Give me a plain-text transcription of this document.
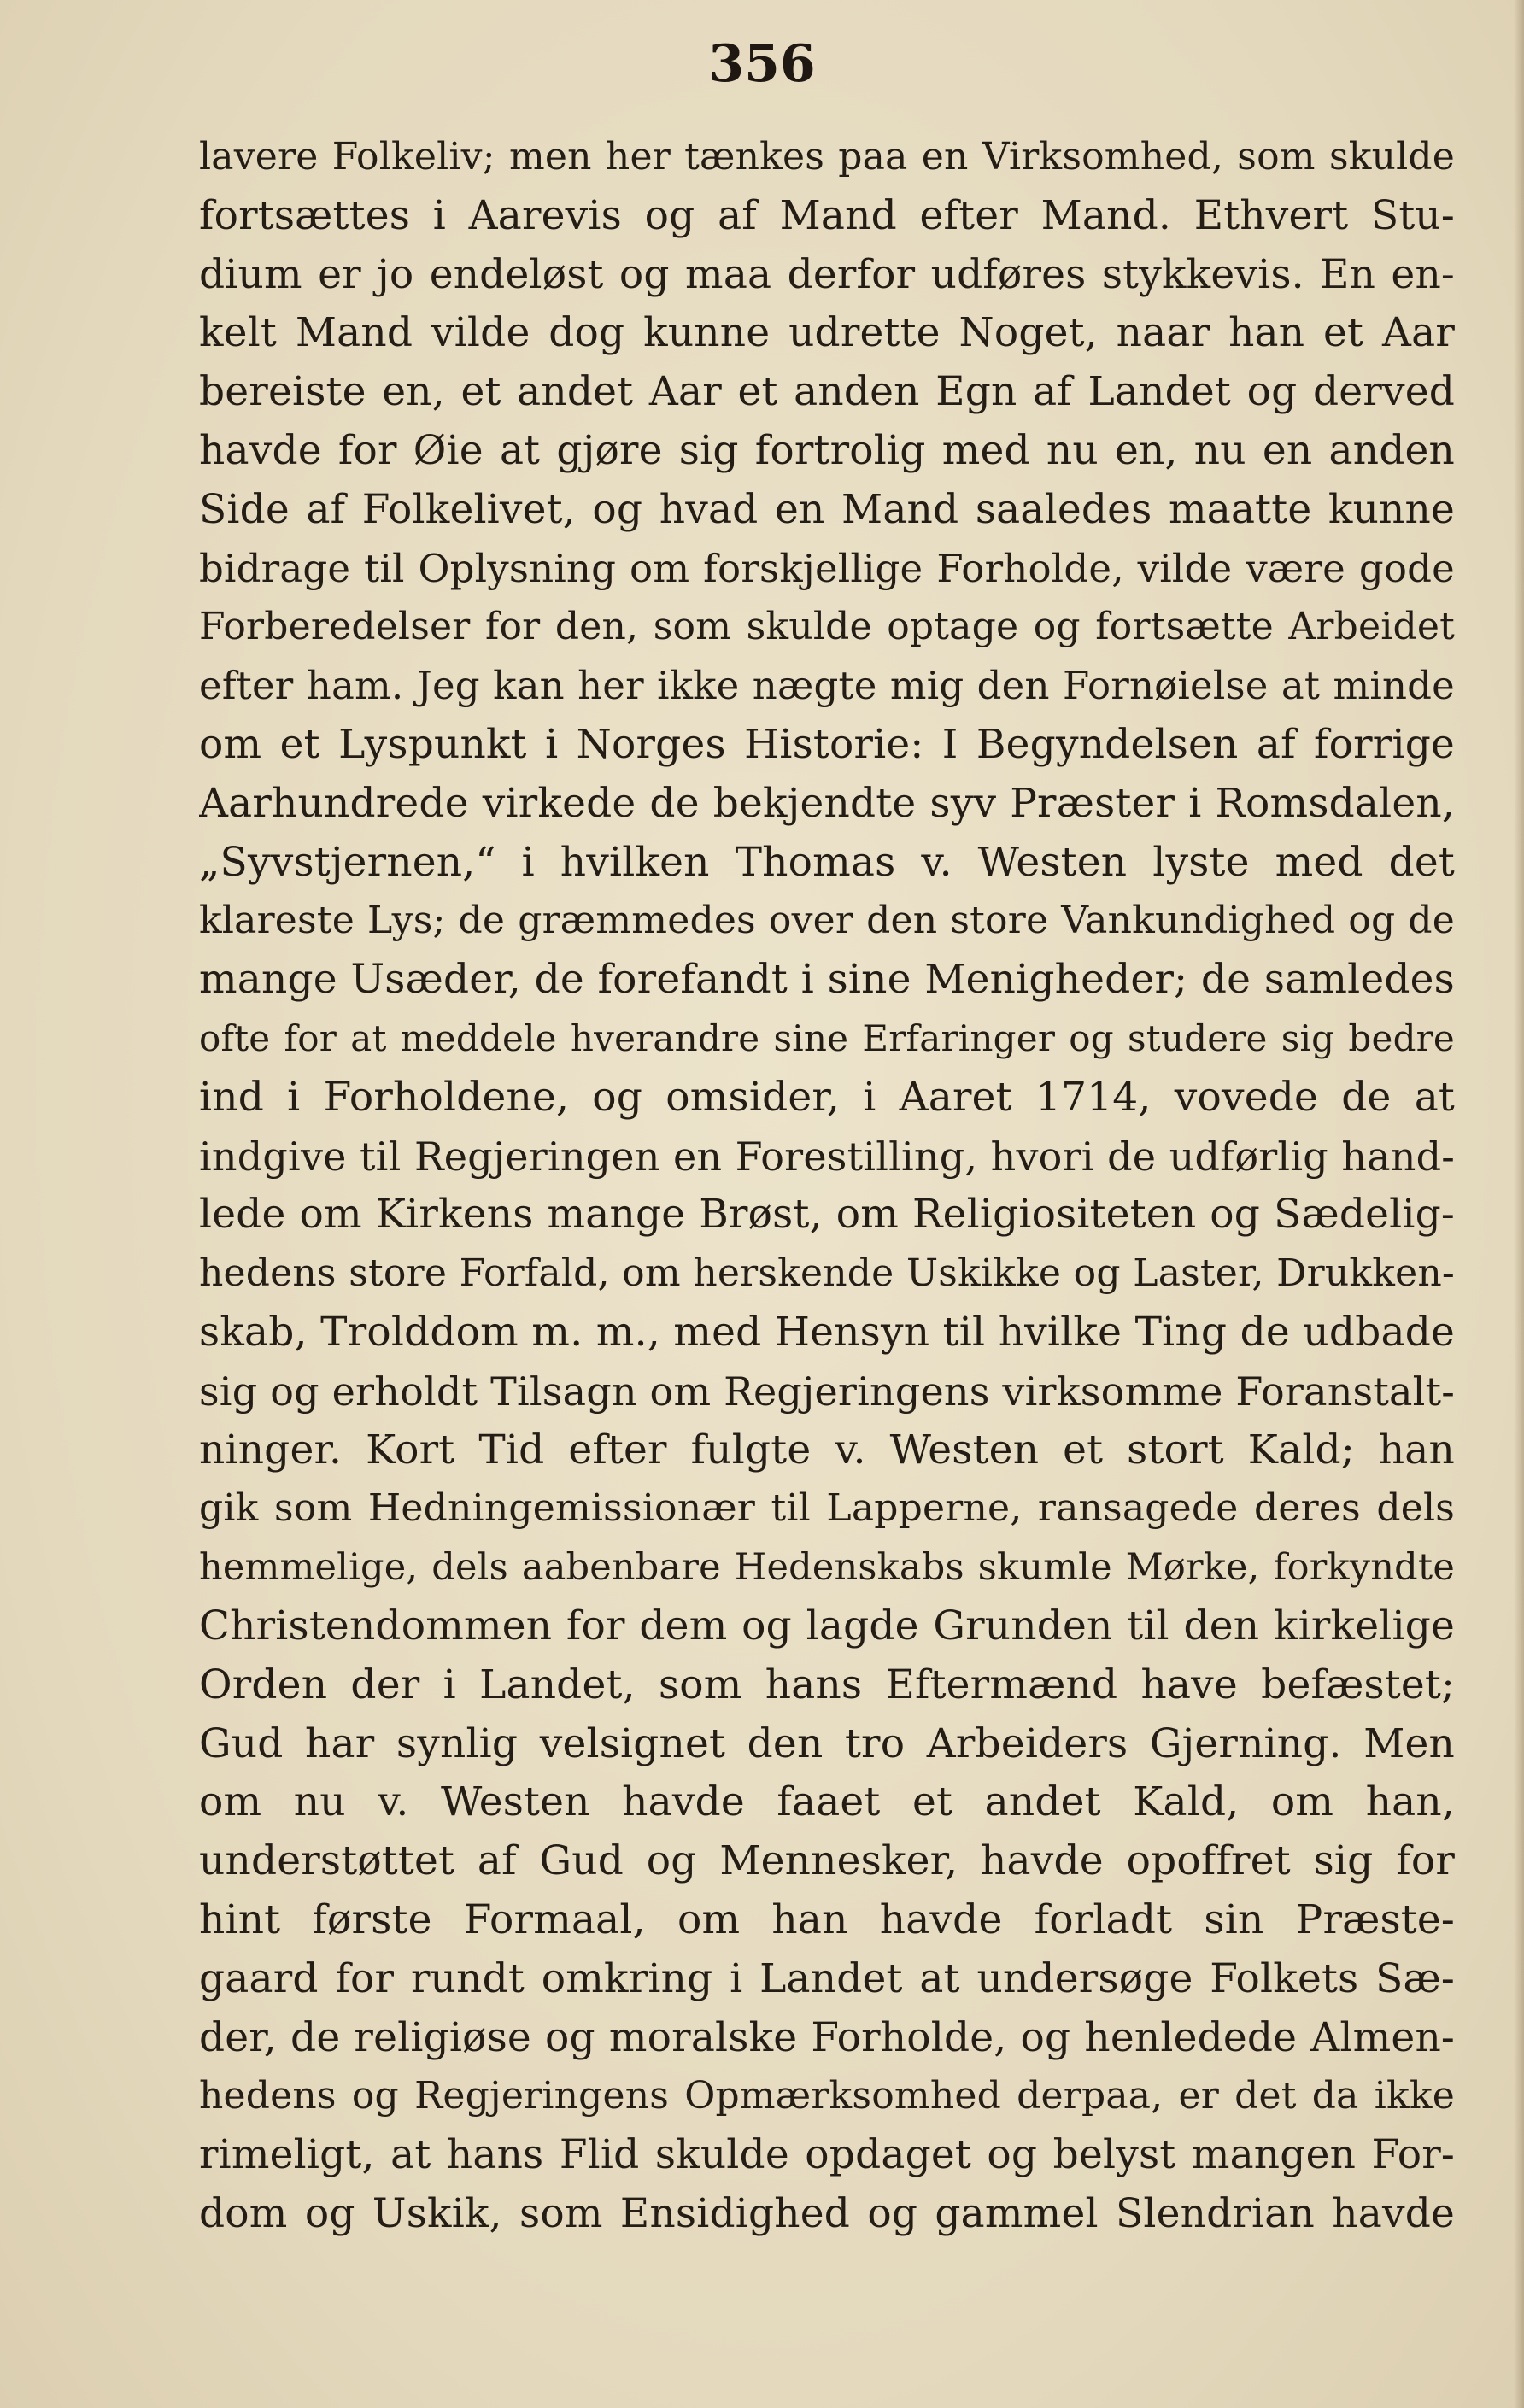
356
lavere Folkeliv; men her tænkes paa en Virksomhed, som skulde
fortsættes i Aarevis og af Mand efter Mand. Ethvert Stu-
dium er jo endeløst og maa derfor udføres stykkevis. En en-
kelt Mand vilde dog kunne udrette Noget, naar han et Aar
bereiste en, et andet Aar et anden Egn af Landet og derved
havde for Øie at gjøre sig fortrolig med nu en, nu en anden
Side af Folkelivet, og hvad en Mand saaledes maatte kunne
bidrage til Oplysning om forskjellige Forholde, vilde være gode
Forberedelser for den, som skulde optage og fortsætte Arbeidet
efter ham. Jeg kan her ikke nægte mig den Fornøielse at minde
om et Lyspunkt i Norges Historie: I Begyndelsen af forrige
Aarhundrede virkede de bekjendte syv Præster i Romsdalen,
„Syvstjernen,“ i hvilken Thomas v. Westen lyste med det
klareste Lys; de græmmedes over den store Vankundighed og de
mange Usæder, de forefandt i sine Menigheder; de samledes
ofte for at meddele hverandre sine Erfaringer og studere sig bedre
ind i Forholdene, og omsider, i Aaret 1714, vovede de at
indgive til Regjeringen en Forestilling, hvori de udførlig hand-
lede om Kirkens mange Brøst, om Religiositeten og Sædelig-
hedens store Forfald, om herskende Uskikke og Laster, Drukken-
skab, Trolddom m. m., med Hensyn til hvilke Ting de udbade
sig og erholdt Tilsagn om Regjeringens virksomme Foranstalt-
ninger. Kort Tid efter fulgte v. Westen et stort Kald; han
gik som Hedningemissionær til Lapperne, ransagede deres dels
hemmelige, dels aabenbare Hedenskabs skumle Mørke, forkyndte
Christendommen for dem og lagde Grunden til den kirkelige
Orden der i Landet, som hans Eftermænd have befæstet;
Gud har synlig velsignet den tro Arbeiders Gjerning. Men
om nu v. Westen havde faaet et andet Kald, om han,
understøttet af Gud og Mennesker, havde opoffret sig for
hint første Formaal, om han havde forladt sin Præste-
gaard for rundt omkring i Landet at undersøge Folkets Sæ-
der, de religiøse og moralske Forholde, og henledede Almen-
hedens og Regjeringens Opmærksomhed derpaa, er det da ikke
rimeligt, at hans Flid skulde opdaget og belyst mangen For-
dom og Uskik, som Ensidighed og gammel Slendrian havde
